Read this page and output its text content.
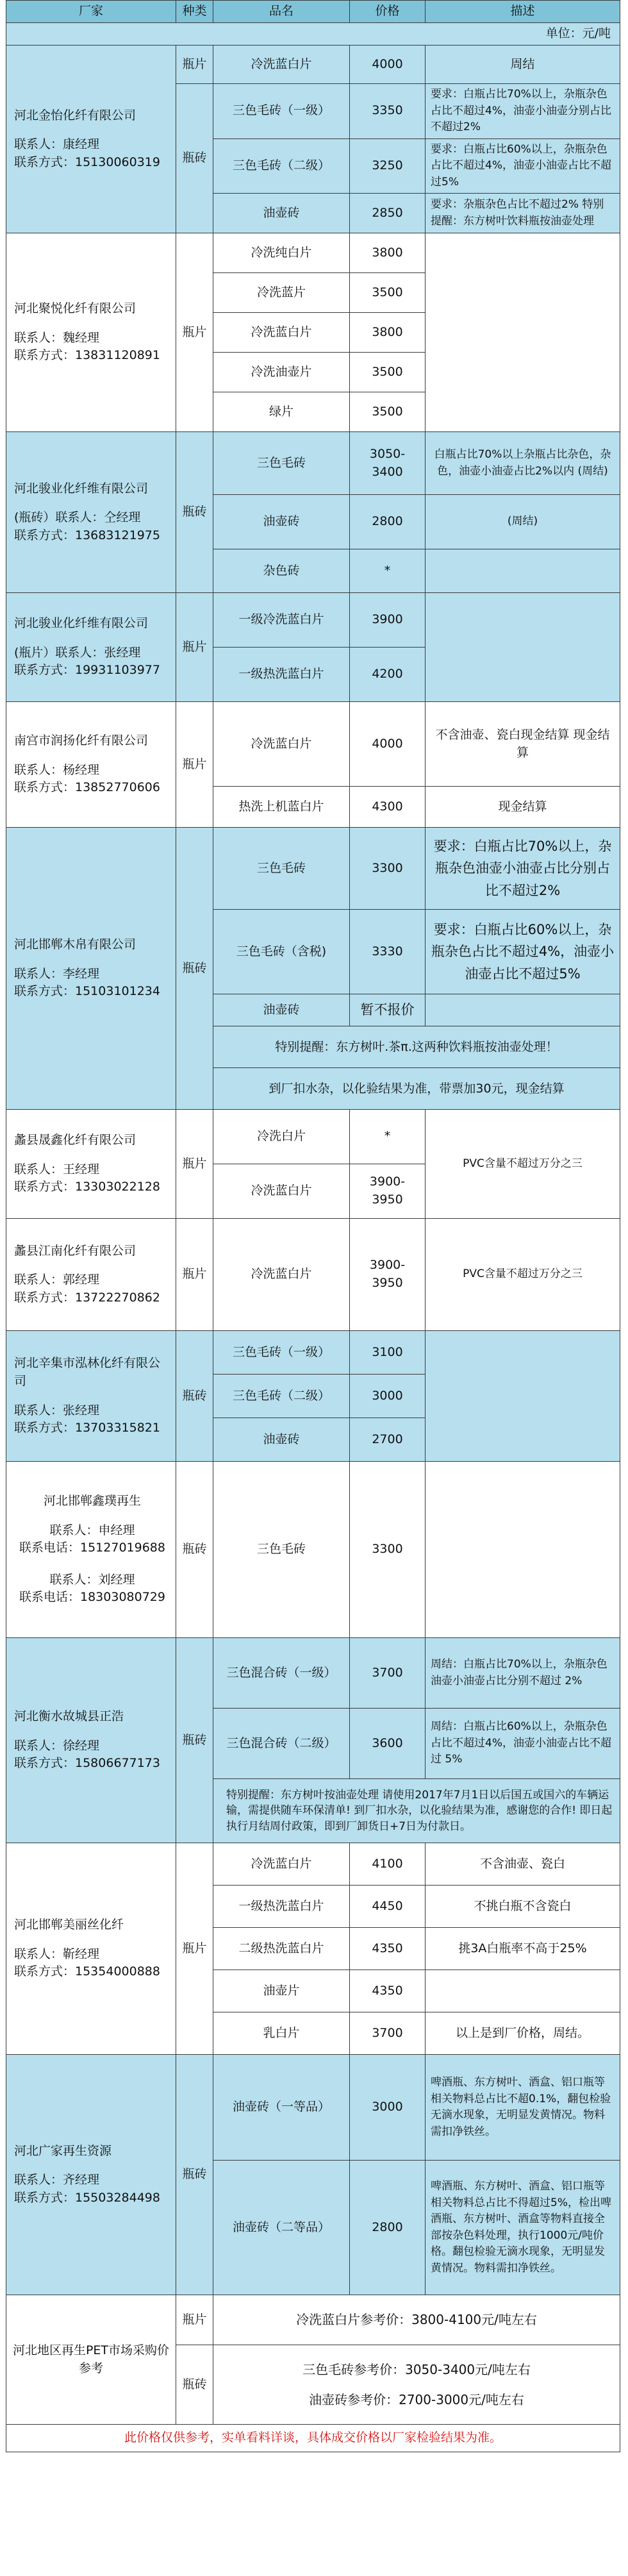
厂家	种类	品名	价格	描述
单位：元/吨				

河北金怡化纤有限公司
联系人：康经理
联系方式：15130060319	瓶片	冷洗蓝白片	4000	周结
	瓶砖	三色毛砖（一级）	3350	要求：白瓶占比70%以上，杂瓶杂色占比不超过4%，油壶小油壶分别占比不超过2%
		三色毛砖（二级）	3250	要求：白瓶占比60%以上，杂瓶杂色占比不超过4%，油壶小油壶占比不超过5%
		油壶砖	2850	要求：杂瓶杂色占比不超过2% 特别提醒：东方树叶饮料瓶按油壶处理

河北聚悦化纤有限公司
联系人：魏经理
联系方式：13831120891	瓶片	冷洗纯白片	3800	
		冷洗蓝片	3500	
		冷洗蓝白片	3800	
		冷洗油壶片	3500	
		绿片	3500	

河北骏业化纤维有限公司
(瓶砖）联系人：仝经理
联系方式：13683121975	瓶砖	三色毛砖	3050-3400	白瓶占比70%以上杂瓶占比杂色，杂色，油壶小油壶占比2%以内 (周结)
		油壶砖	2800	(周结)
		杂色砖	*	

河北骏业化纤维有限公司
(瓶片）联系人：张经理
联系方式：19931103977	瓶片	一级冷洗蓝白片	3900	
		一级热洗蓝白片	4200	

南宫市润扬化纤有限公司
联系人：杨经理
联系方式：13852770606	瓶片	冷洗蓝白片	4000	不含油壶、瓷白现金结算 现金结算
		热洗上机蓝白片	4300	现金结算

河北邯郸木帛有限公司
联系人：李经理
联系方式：15103101234	瓶砖	三色毛砖	3300	要求：白瓶占比70%以上，杂瓶杂色油壶小油壶占比分别占比不超过2%
		三色毛砖（含税)	3330	要求：白瓶占比60%以上，杂瓶杂色占比不超过4%，油壶小油壶占比不超过5%
		油壶砖	暂不报价	
		特别提醒：东方树叶.茶π.这两种饮料瓶按油壶处理！		
		到厂扣水杂，以化验结果为准，带票加30元，现金结算		

蠡县晟鑫化纤有限公司
联系人：王经理
联系方式：13303022128	瓶片	冷洗白片	*	PVC含量不超过万分之三
		冷洗蓝白片	3900-3950	

蠡县江南化纤有限公司
联系人：郭经理
联系方式：13722270862	瓶片	冷洗蓝白片	3900-3950	PVC含量不超过万分之三

河北辛集市泓林化纤有限公司
联系人：张经理
联系方式：13703315821	瓶砖	三色毛砖（一级）	3100	
		三色毛砖（二级）	3000	
		油壶砖	2700	

河北邯郸鑫璞再生
联系人：申经理
联系电话：15127019688
联系人：刘经理
联系电话：18303080729	瓶砖	三色毛砖	3300	

河北衡水故城县正浩
联系人：徐经理
联系方式：15806677173	瓶砖	三色混合砖（一级）	3700	周结：白瓶占比70%以上，杂瓶杂色油壶小油壶占比分别不超过 2%
		三色混合砖（二级）	3600	周结：白瓶占比60%以上，杂瓶杂色占比不超过4%，油壶小油壶占比不超过 5%
		特别提醒：东方树叶按油壶处理 请使用2017年7月1日以后国五或国六的车辆运输，需提供随车环保清单! 到厂扣水杂，以化验结果为准，感谢您的合作! 即日起执行月结周付政策，即到厂卸货日+7日为付款日。		

河北邯郸美丽丝化纤
联系人：靳经理
联系方式：15354000888	瓶片	冷洗蓝白片	4100	不含油壶、瓷白
		一级热洗蓝白片	4450	不挑白瓶不含瓷白
		二级热洗蓝白片	4350	挑3A白瓶率不高于25%
		油壶片	4350	
		乳白片	3700	以上是到厂价格，周结。

河北广家再生资源
联系人：齐经理
联系方式：15503284498	瓶砖	油壶砖（一等品）	3000	啤酒瓶、东方树叶、酒盒、铝口瓶等相关物料总占比不超0.1%，翻包检验无滴水现象，无明显发黄情况。物料需扣净铁丝。
		油壶砖（二等品）	2800	啤酒瓶、东方树叶、酒盒、铝口瓶等相关物料总占比不得超过5%，检出啤酒瓶、东方树叶、酒盒等物料直接全部按杂色料处理，执行1000元/吨价格。翻包检验无滴水现象，无明显发黄情况。物料需扣净铁丝。
河北地区再生PET市场采购价参考	瓶片	冷洗蓝白片参考价：3800-4100元/吨左右		
	瓶砖	三色毛砖参考价：3050-3400元/吨左右
油壶砖参考价：2700-3000元/吨左右		

此价格仅供参考，实单看料详谈，具体成交价格以厂家检验结果为准。				
